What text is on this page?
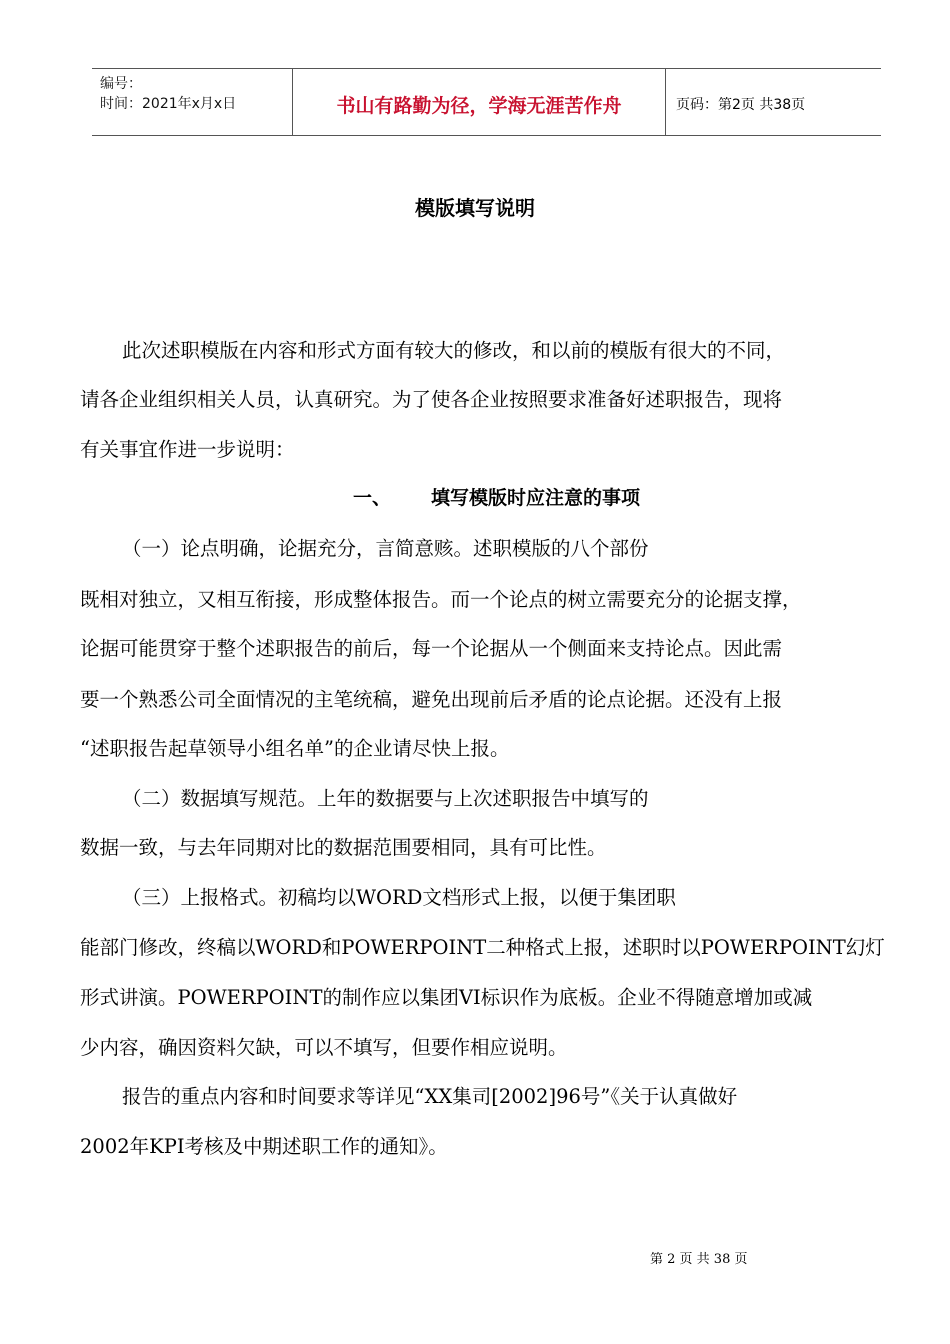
编号：
时间：2021年x月x日	书山有路勤为径，学海无涯苦作舟	页码：第2页 共38页
模版填写说明
此次述职模版在内容和形式方面有较大的修改，和以前的模版有很大的不同，
请各企业组织相关人员，认真研究。为了使各企业按照要求准备好述职报告，现将
有关事宜作进一步说明：
一、 填写模版时应注意的事项
（一）论点明确，论据充分，言简意赅。述职模版的八个部份
既相对独立，又相互衔接，形成整体报告。而一个论点的树立需要充分的论据支撑，
论据可能贯穿于整个述职报告的前后，每一个论据从一个侧面来支持论点。因此需
要一个熟悉公司全面情况的主笔统稿，避免出现前后矛盾的论点论据。还没有上报
“述职报告起草领导小组名单”的企业请尽快上报。
（二）数据填写规范。上年的数据要与上次述职报告中填写的
数据一致，与去年同期对比的数据范围要相同，具有可比性。
（三）上报格式。初稿均以WORD文档形式上报，以便于集团职
能部门修改，终稿以WORD和POWERPOINT二种格式上报，述职时以POWERPOINT幻灯
形式讲演。POWERPOINT的制作应以集团VI标识作为底板。企业不得随意增加或减
少内容，确因资料欠缺，可以不填写，但要作相应说明。
报告的重点内容和时间要求等详见“XX集司[2002]96号”《关于认真做好
2002年KPI考核及中期述职工作的通知》。
第 2 页 共 38 页
